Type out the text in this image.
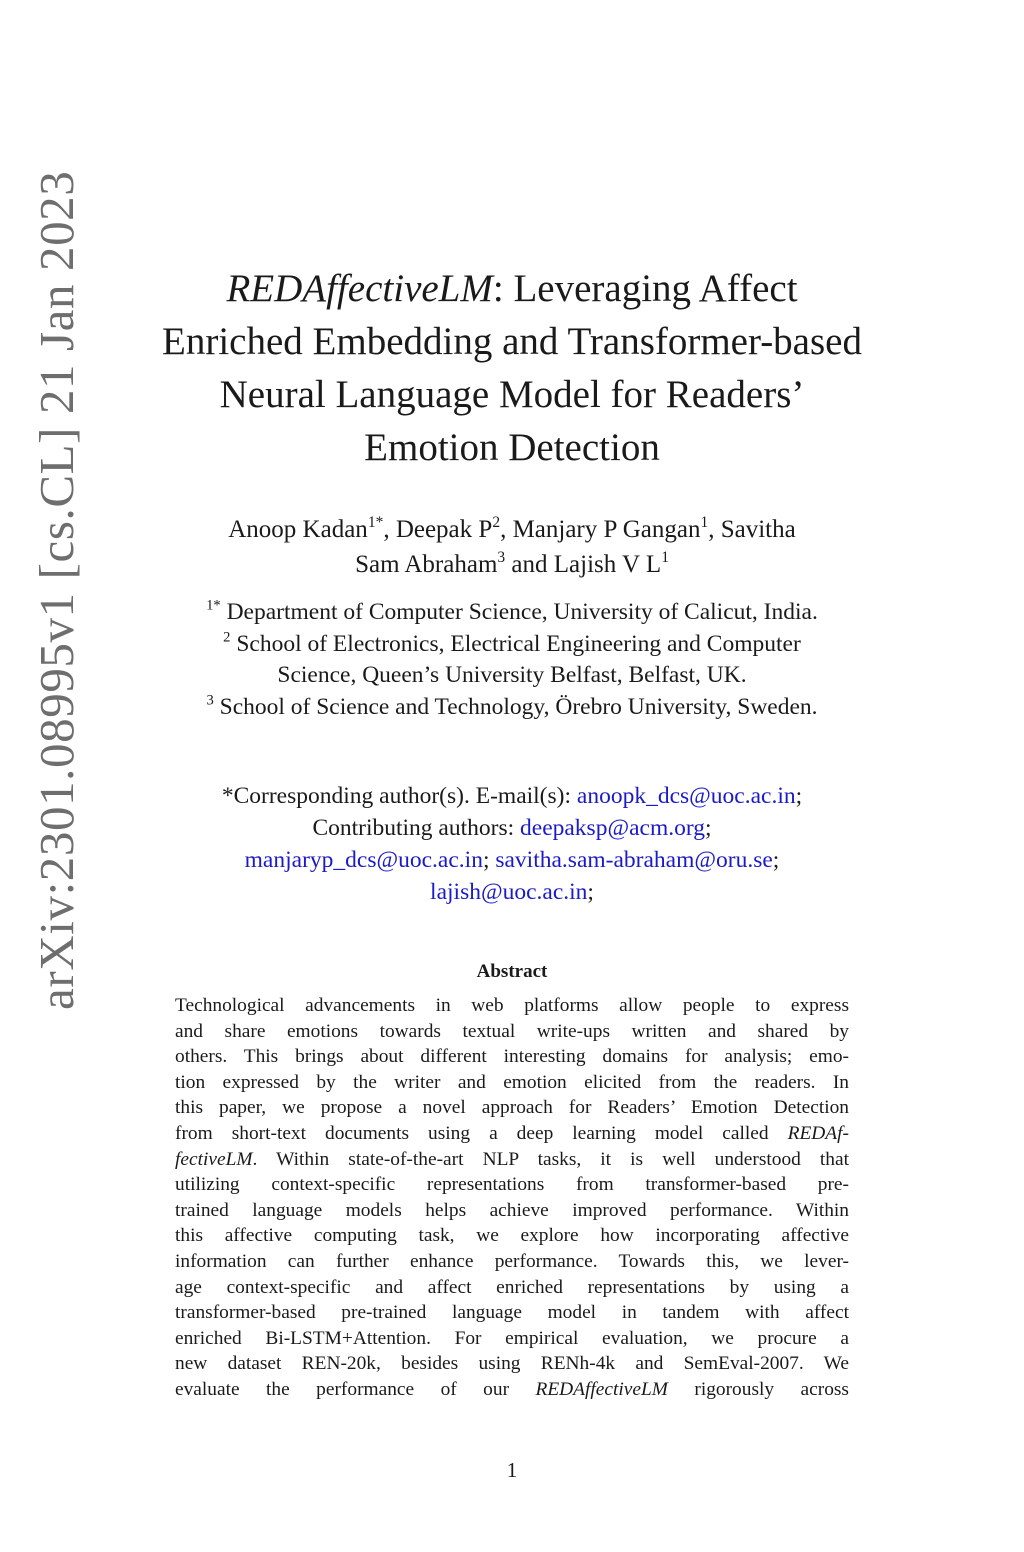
arXiv:2301.08995v1 [cs.CL] 21 Jan 2023	REDAffectiveLM: Leveraging Affect
Enriched Embedding and Transformer-based
Neural Language Model for Readers’
Emotion Detection
Anoop Kadan$^{1*}$, Deepak $P^2$, Manjary P Gangan$^1$, Savitha
Sam Abraham$^3$ and Lajish V $L^1$
$^{1*}$ Department of Computer Science, University of Calicut, India.
$^2$ School of Electronics, Electrical Engineering and Computer
Science, Queen’s University Belfast, Belfast, UK.
$^3$ School of Science and Technology, Örebro University, Sweden.
*Corresponding author(s). E-mail(s): anoopk_dcs@uoc.ac.in;
Contributing authors: deepaksp@acm.org;
manjaryp_dcs@uoc.ac.in; savitha.sam-abraham@oru.se;
lajish@uoc.ac.in;
Abstract
Technological advancements in web platforms allow people to express
and share emotions towards textual write-ups written and shared by
others. This brings about different interesting domains for analysis; emo-
tion expressed by the writer and emotion elicited from the readers. In
this paper, we propose a novel approach for Readers’ Emotion Detection
from short-text documents using a deep learning model called REDAf-
fectiveLM. Within state-of-the-art NLP tasks, it is well understood that
utilizing context-specific representations from transformer-based pre-
trained language models helps achieve improved performance. Within
this affective computing task, we explore how incorporating affective
information can further enhance performance. Towards this, we lever-
age context-specific and affect enriched representations by using a
transformer-based pre-trained language model in tandem with affect
enriched Bi-LSTM+Attention. For empirical evaluation, we procure a
new dataset REN-20k, besides using RENh-4k and SemEval-2007. We
evaluate the performance of our REDAffectiveLM rigorously across
1
